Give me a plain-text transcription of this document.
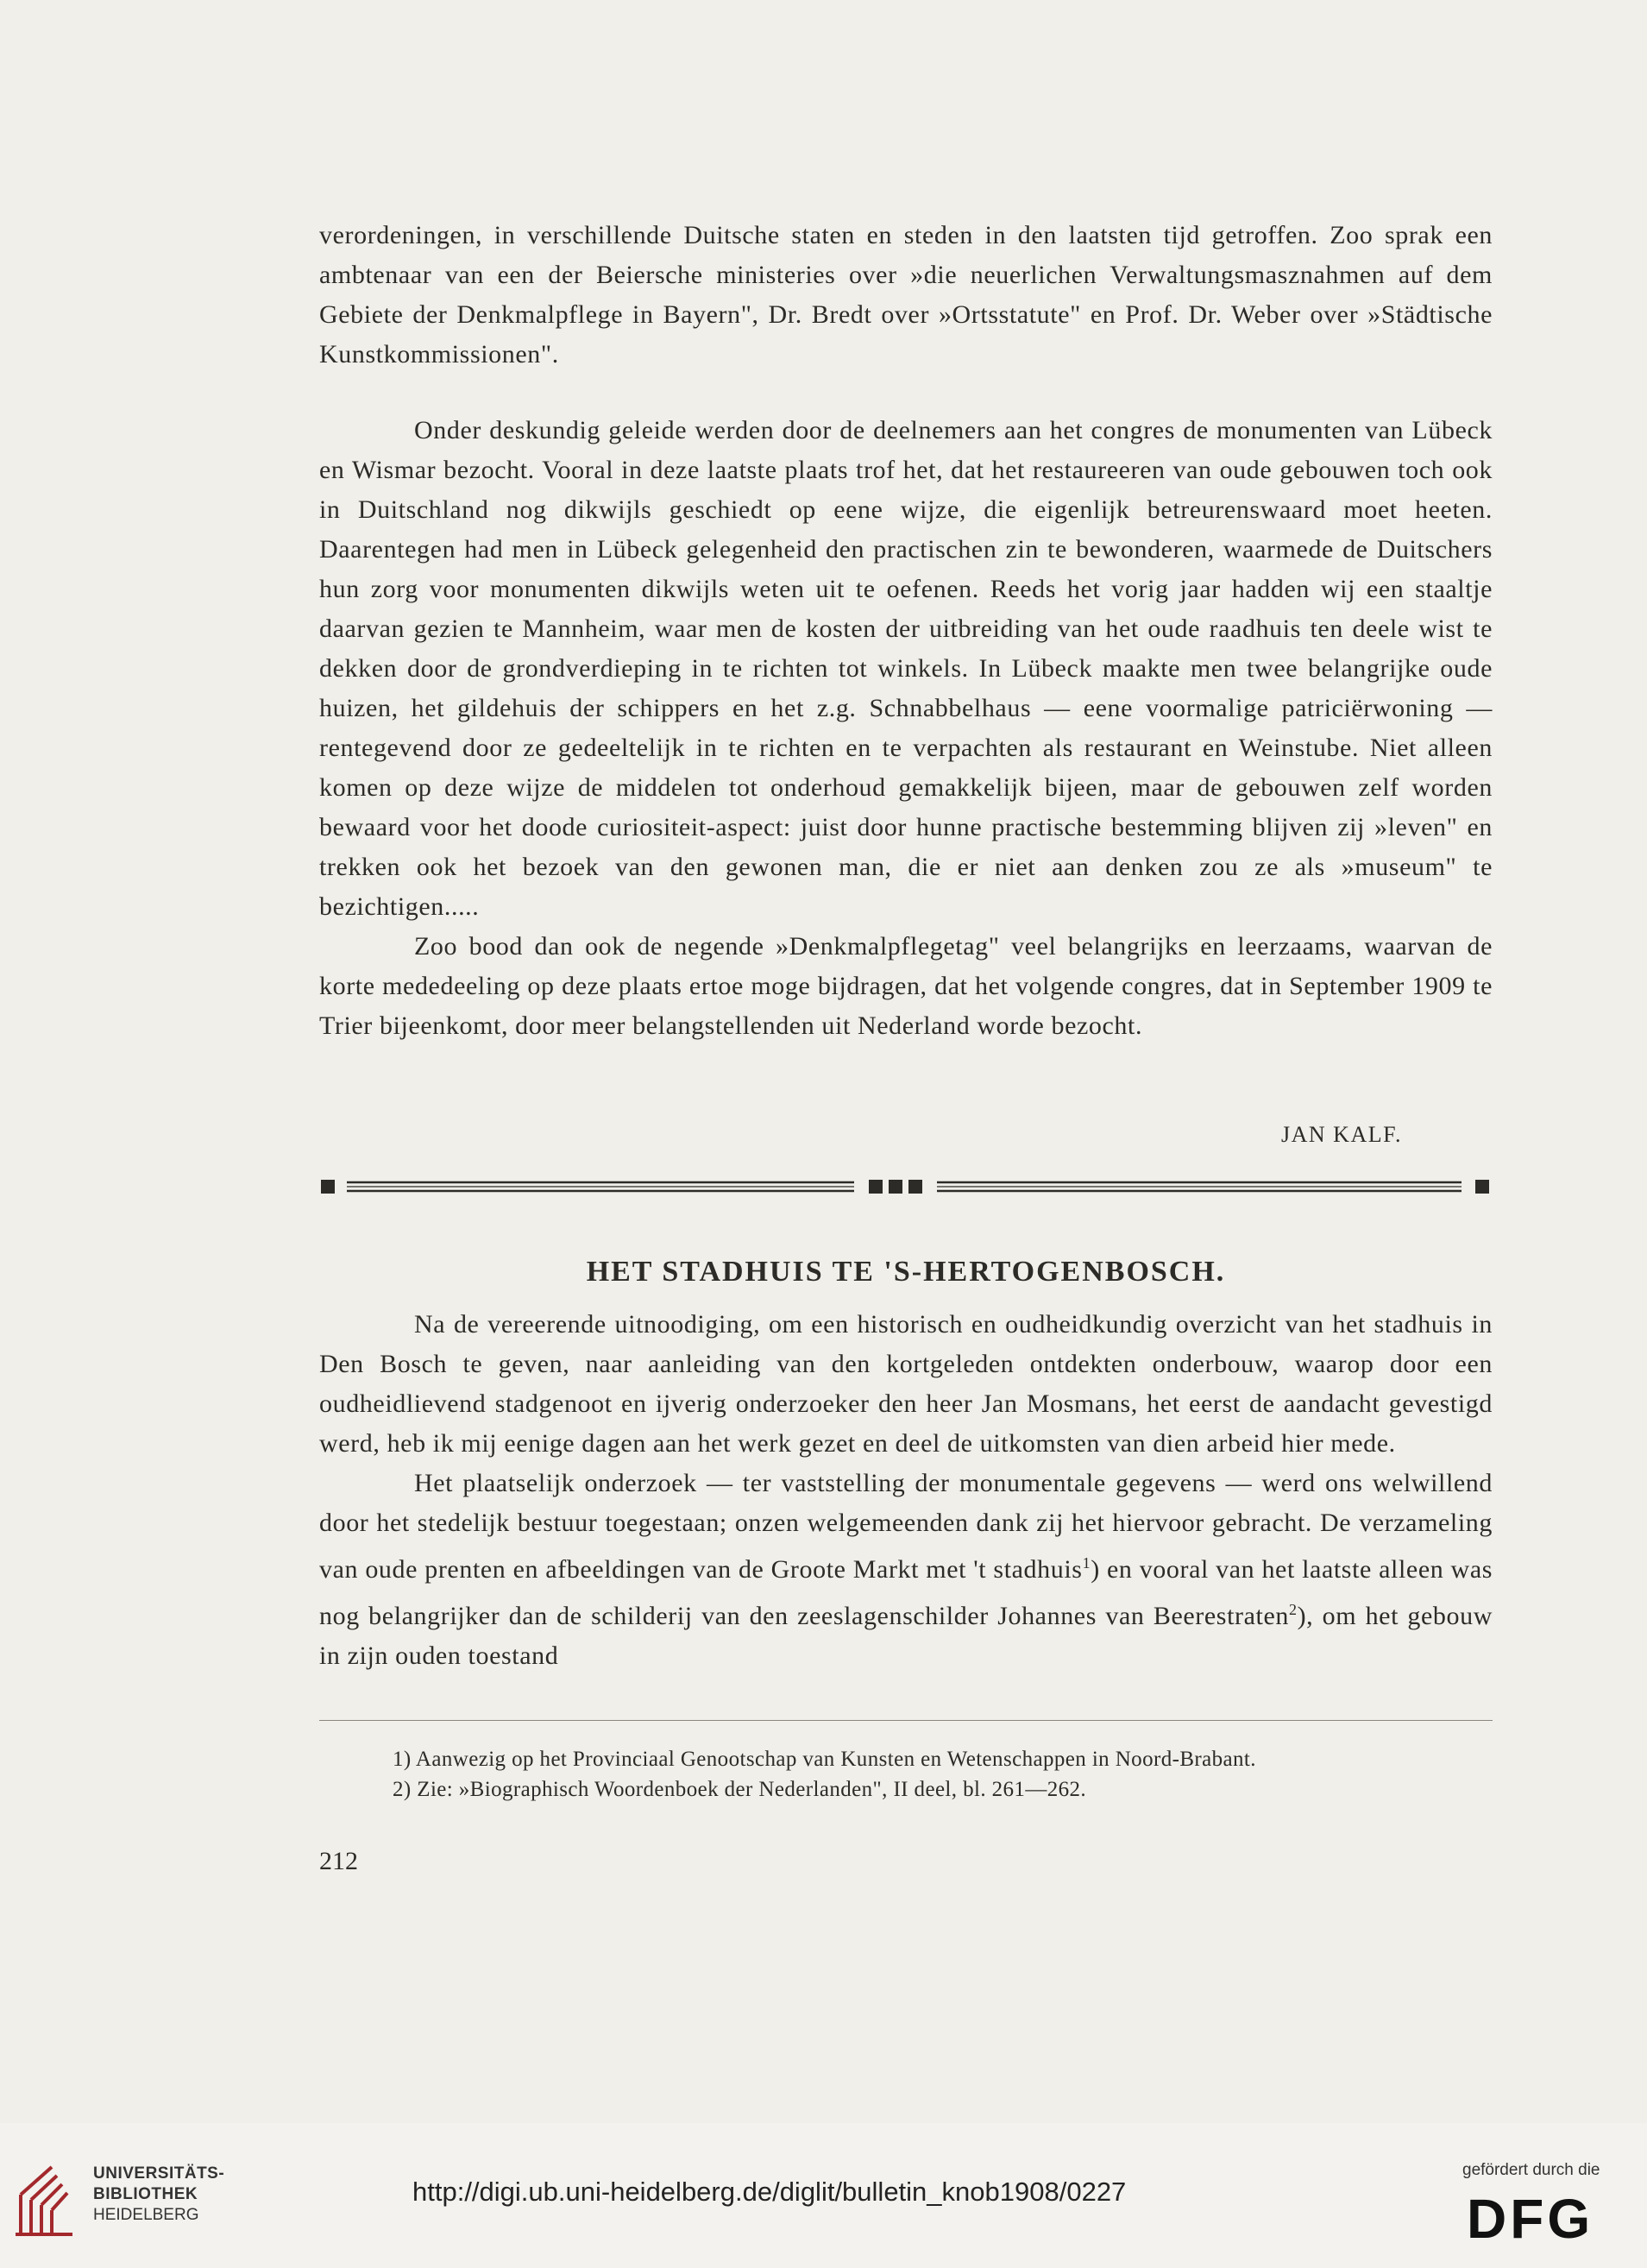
verordeningen, in verschillende Duitsche staten en steden in den laatsten tijd getroffen. Zoo sprak een ambtenaar van een der Beiersche ministeries over »die neuerlichen Verwaltungsmasznahmen auf dem Gebiete der Denkmalpflege in Bayern", Dr. Bredt over »Ortsstatute" en Prof. Dr. Weber over »Städtische Kunstkommissionen".

Onder deskundig geleide werden door de deelnemers aan het congres de monumenten van Lübeck en Wismar bezocht. Vooral in deze laatste plaats trof het, dat het restaureeren van oude gebouwen toch ook in Duitschland nog dikwijls geschiedt op eene wijze, die eigenlijk betreurenswaard moet heeten. Daarentegen had men in Lübeck gelegenheid den practischen zin te bewonderen, waarmede de Duitschers hun zorg voor monumenten dikwijls weten uit te oefenen. Reeds het vorig jaar hadden wij een staaltje daarvan gezien te Mannheim, waar men de kosten der uitbreiding van het oude raadhuis ten deele wist te dekken door de grondverdieping in te richten tot winkels. In Lübeck maakte men twee belangrijke oude huizen, het gildehuis der schippers en het z.g. Schnabbelhaus — eene voormalige patriciërwoning — rentegevend door ze gedeeltelijk in te richten en te verpachten als restaurant en Weinstube. Niet alleen komen op deze wijze de middelen tot onderhoud gemakkelijk bijeen, maar de gebouwen zelf worden bewaard voor het doode curiositeit-aspect: juist door hunne practische bestemming blijven zij »leven" en trekken ook het bezoek van den gewonen man, die er niet aan denken zou ze als »museum" te bezichtigen.....

Zoo bood dan ook de negende »Denkmalpflegetag" veel belangrijks en leerzaams, waarvan de korte mededeeling op deze plaats ertoe moge bijdragen, dat het volgende congres, dat in September 1909 te Trier bijeenkomt, door meer belangstellenden uit Nederland worde bezocht.

JAN KALF.
HET STADHUIS TE 'S-HERTOGENBOSCH.

Na de vereerende uitnoodiging, om een historisch en oudheidkundig overzicht van het stadhuis in Den Bosch te geven, naar aanleiding van den kortgeleden ontdekten onderbouw, waarop door een oudheidlievend stadgenoot en ijverig onderzoeker den heer Jan Mosmans, het eerst de aandacht gevestigd werd, heb ik mij eenige dagen aan het werk gezet en deel de uitkomsten van dien arbeid hier mede.

Het plaatselijk onderzoek — ter vaststelling der monumentale gegevens — werd ons welwillend door het stedelijk bestuur toegestaan; onzen welgemeenden dank zij het hiervoor gebracht. De verzameling van oude prenten en afbeeldingen van de Groote Markt met 't stadhuis$^1$) en vooral van het laatste alleen was nog belangrijker dan de schilderij van den zeeslagenschilder Johannes van Beerestraten$^2$), om het gebouw in zijn ouden toestand

1) Aanwezig op het Provinciaal Genootschap van Kunsten en Wetenschappen in Noord-Brabant.

2) Zie: »Biographisch Woordenboek der Nederlanden", II deel, bl. 261—262.

212

UNIVERSITÄTS-
BIBLIOTHEK
HEIDELBERG

http://digi.ub.uni-heidelberg.de/diglit/bulletin_knob1908/0227

gefördert durch die

DFG
